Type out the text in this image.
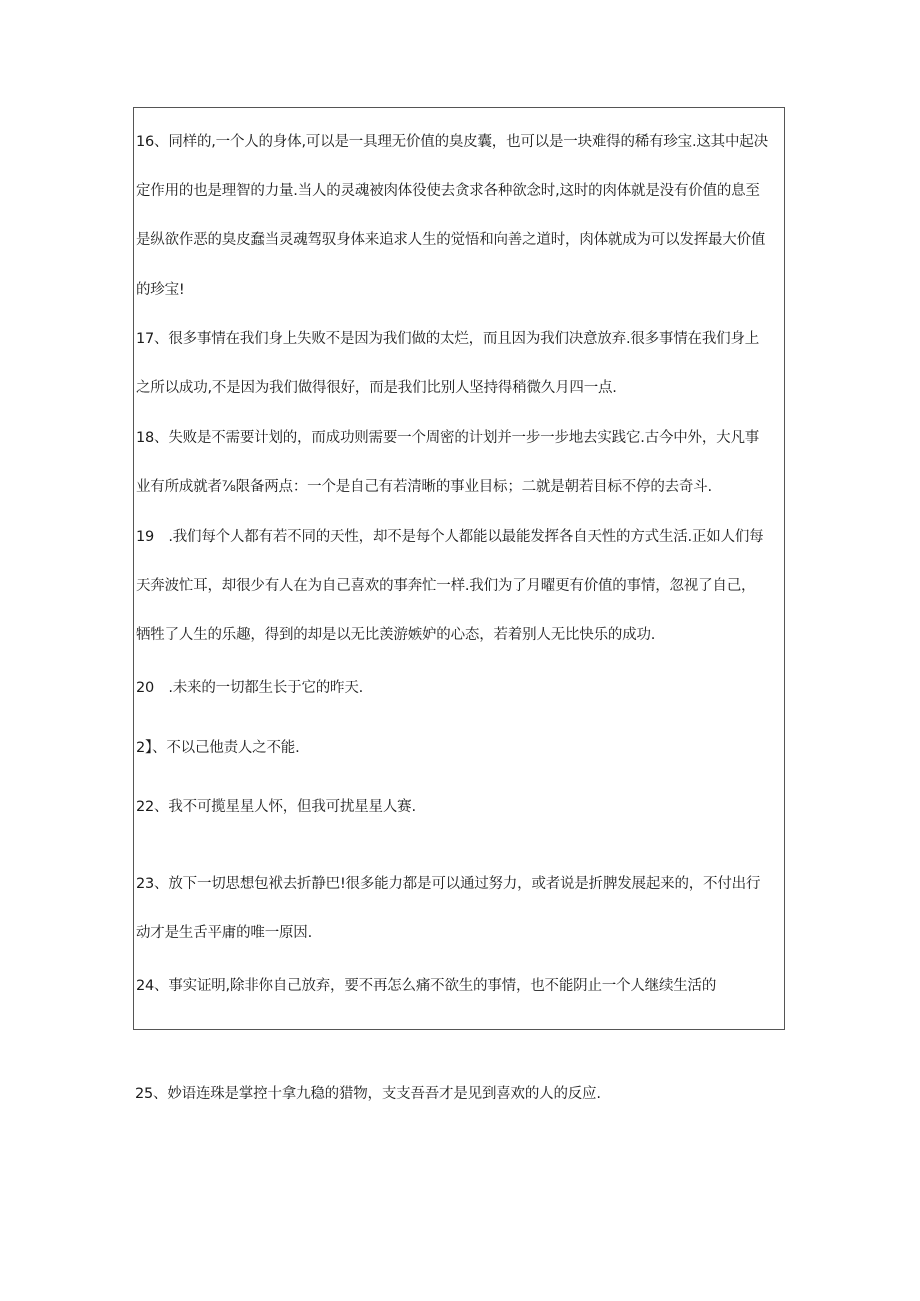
16、同样的,一个人的身体,可以是一具理无价值的臭皮囊，也可以是一块难得的稀有珍宝.这其中起决
定作用的也是理智的力量.当人的灵魂被肉体役使去贪求各种欲念时,这时的肉体就是没有价值的息至
是纵欲作恶的臭皮蠢当灵魂驾驭身体来追求人生的觉悟和向善之道时，肉体就成为可以发挥最大价值
的珍宝!
17、很多事情在我们身上失败不是因为我们做的太烂，而且因为我们决意放弃.很多事情在我们身上
之所以成功,不是因为我们做得很好，而是我们比别人坚持得稍微久月四一点.
18、失败是不需要计划的，而成功则需要一个周密的计划并一步一步地去实践它.古今中外，大凡事
业有所成就者⅞限备两点：一个是自己有若清晰的事业目标；二就是朝若目标不停的去奇斗.
19　.我们每个人都有若不同的天性，却不是每个人都能以最能发挥各自天性的方式生活.正如人们每
天奔波忙耳，却很少有人在为自己喜欢的事奔忙一样.我们为了月曜更有价值的事情，忽视了自己，
牺牲了人生的乐趣，得到的却是以无比羡游嫉妒的心态，若着别人无比快乐的成功.
20　.未来的一切都生长于它的昨天.
2】、不以己他责人之不能.
22、我不可揽星星人怀，但我可扰星星人赛.
23、放下一切思想包袱去折静巴!很多能力都是可以通过努力，或者说是折脾发展起来的，不付出行
动才是生舌平庸的唯一原因.
24、事实证明,除非你自己放弃，要不再怎么痛不欲生的事情，也不能阴止一个人继续生活的
25、妙语连珠是掌控十拿九稳的猎物，支支吾吾才是见到喜欢的人的反应.
